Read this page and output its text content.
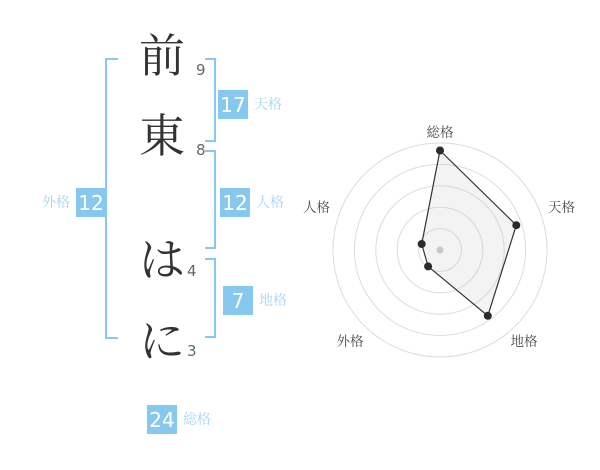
前
東
は
に
9
8
4
3
外格 12
17 天格
12 人格
7	地格
24 総格
総格
天格
地格
外格
人格
